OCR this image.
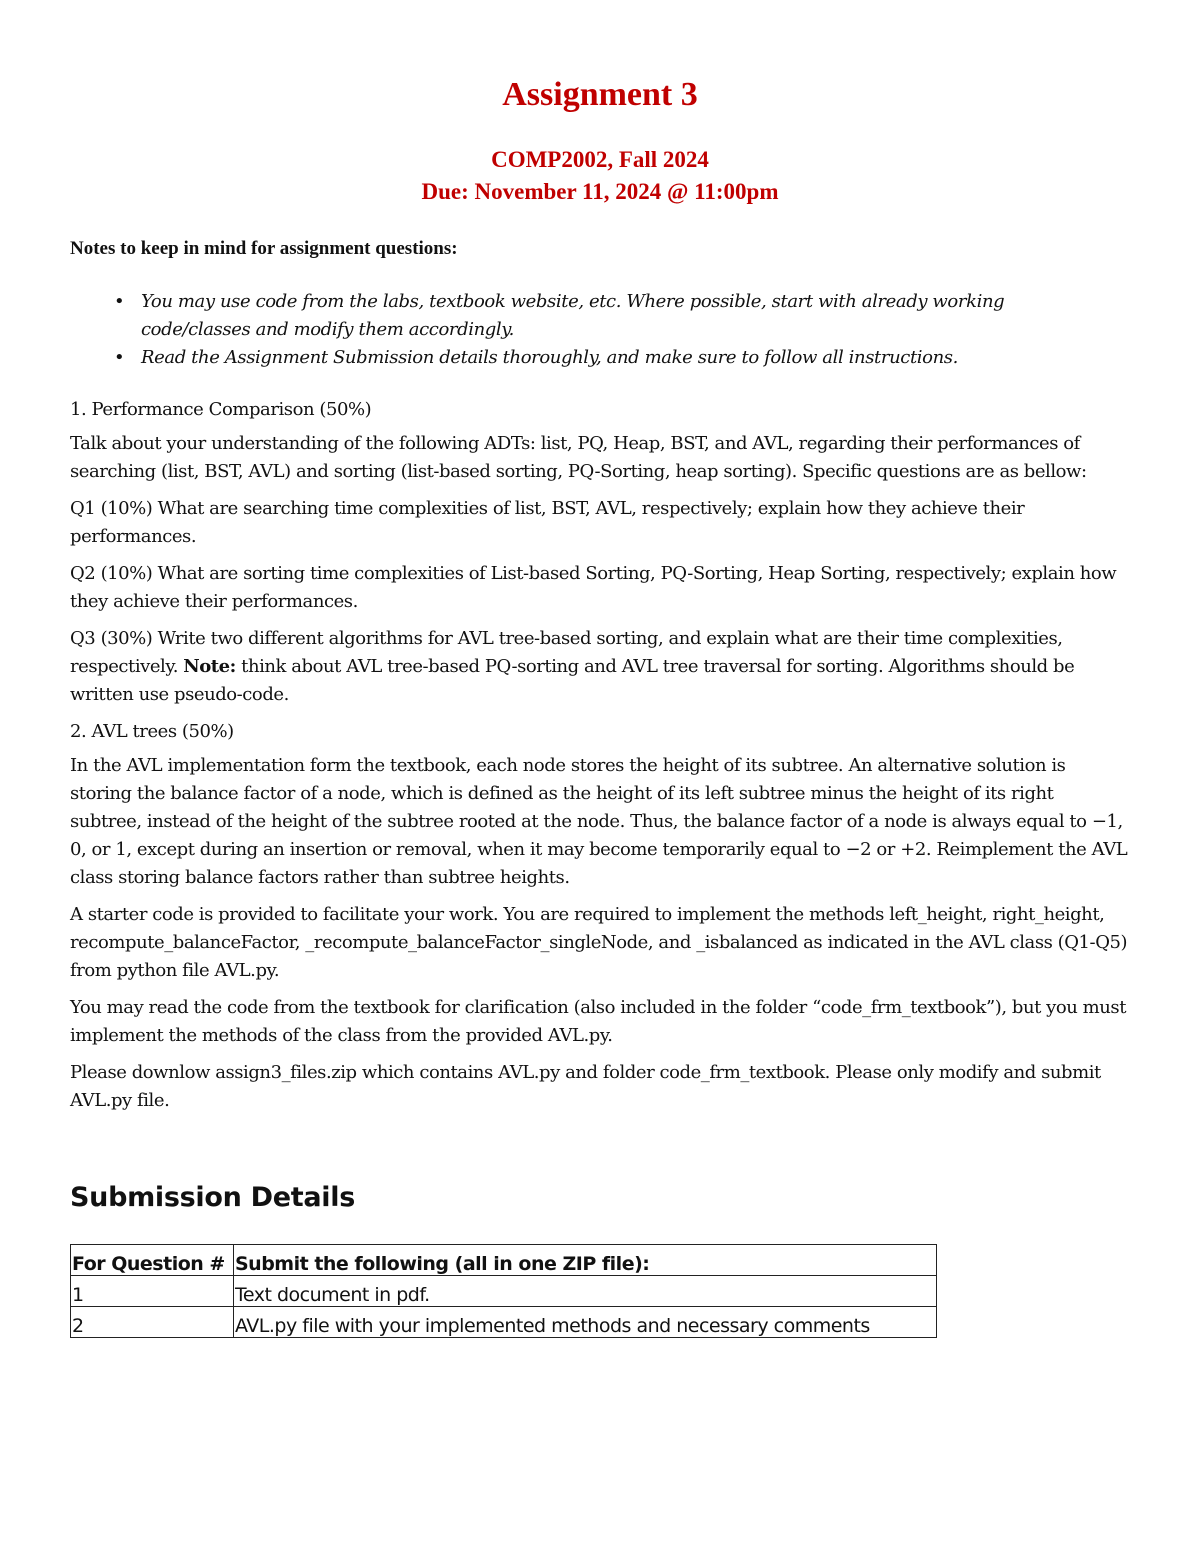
Assignment 3
COMP2002, Fall 2024
Due: November 11, 2024 @ 11:00pm
Notes to keep in mind for assignment questions:
• You may use code from the labs, textbook website, etc. Where possible, start with already working code/classes and modify them accordingly.
• Read the Assignment Submission details thoroughly, and make sure to follow all instructions.

1. Performance Comparison (50%)

Talk about your understanding of the following ADTs: list, PQ, Heap, BST, and AVL, regarding their performances of searching (list, BST, AVL) and sorting (list-based sorting, PQ-Sorting, heap sorting). Specific questions are as bellow:

Q1 (10%) What are searching time complexities of list, BST, AVL, respectively; explain how they achieve their performances.

Q2 (10%) What are sorting time complexities of List-based Sorting, PQ-Sorting, Heap Sorting, respectively; explain how they achieve their performances.

Q3 (30%) Write two different algorithms for AVL tree-based sorting, and explain what are their time complexities, respectively. Note: think about AVL tree-based PQ-sorting and AVL tree traversal for sorting. Algorithms should be written use pseudo-code.

2. AVL trees (50%)

In the AVL implementation form the textbook, each node stores the height of its subtree. An alternative solution is storing the balance factor of a node, which is defined as the height of its left subtree minus the height of its right subtree, instead of the height of the subtree rooted at the node. Thus, the balance factor of a node is always equal to −1, 0, or 1, except during an insertion or removal, when it may become temporarily equal to −2 or +2. Reimplement the AVL class storing balance factors rather than subtree heights.

A starter code is provided to facilitate your work. You are required to implement the methods left_height, right_height, recompute_balanceFactor, _recompute_balanceFactor_singleNode, and _isbalanced as indicated in the AVL class (Q1-Q5) from python file AVL.py.

You may read the code from the textbook for clarification (also included in the folder “code_frm_textbook”), but you must implement the methods of the class from the provided AVL.py.

Please downlow assign3_files.zip which contains AVL.py and folder code_frm_textbook. Please only modify and submit AVL.py file.

Submission Details
For Question #	Submit the following (all in one ZIP file):
1	Text document in pdf.
2	AVL.py file with your implemented methods and necessary comments
